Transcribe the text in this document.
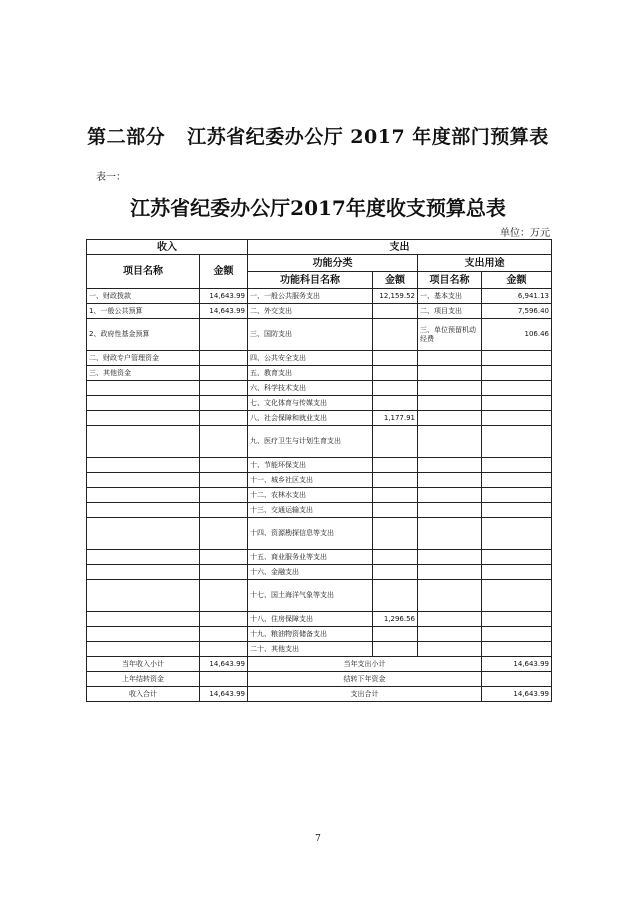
第二部分 江苏省纪委办公厅 2017 年度部门预算表
表一：
江苏省纪委办公厅2017年度收支预算总表
单位：万元
收入		支出			
项目名称	金额	功能分类		支出用途	
		功能科目名称	金额	项目名称	金额
一、财政拨款	14,643.99	一、一般公共服务支出	12,159.52	一、基本支出	6,941.13
1、一般公共预算	14,643.99	二、外交支出		二、项目支出	7,596.40
2、政府性基金预算		三、国防支出		三、单位预留机动经费	106.46
二、财政专户管理资金		四、公共安全支出			
三、其他资金		五、教育支出			
		六、科学技术支出			
		七、文化体育与传媒支出			
		八、社会保障和就业支出	1,177.91		
		九、医疗卫生与计划生育支出			
		十、节能环保支出			
		十一、城乡社区支出			
		十二、农林水支出			
		十三、交通运输支出			
		十四、资源勘探信息等支出			
		十五、商业服务业等支出			
		十六、金融支出			
		十七、国土海洋气象等支出			
		十八、住房保障支出	1,296.56		
		十九、粮油物资储备支出			
		二十、其他支出			
当年收入小计	14,643.99	当年支出小计			14,643.99
上年结转资金		结转下年资金			
收入合计	14,643.99	支出合计			14,643.99
7
